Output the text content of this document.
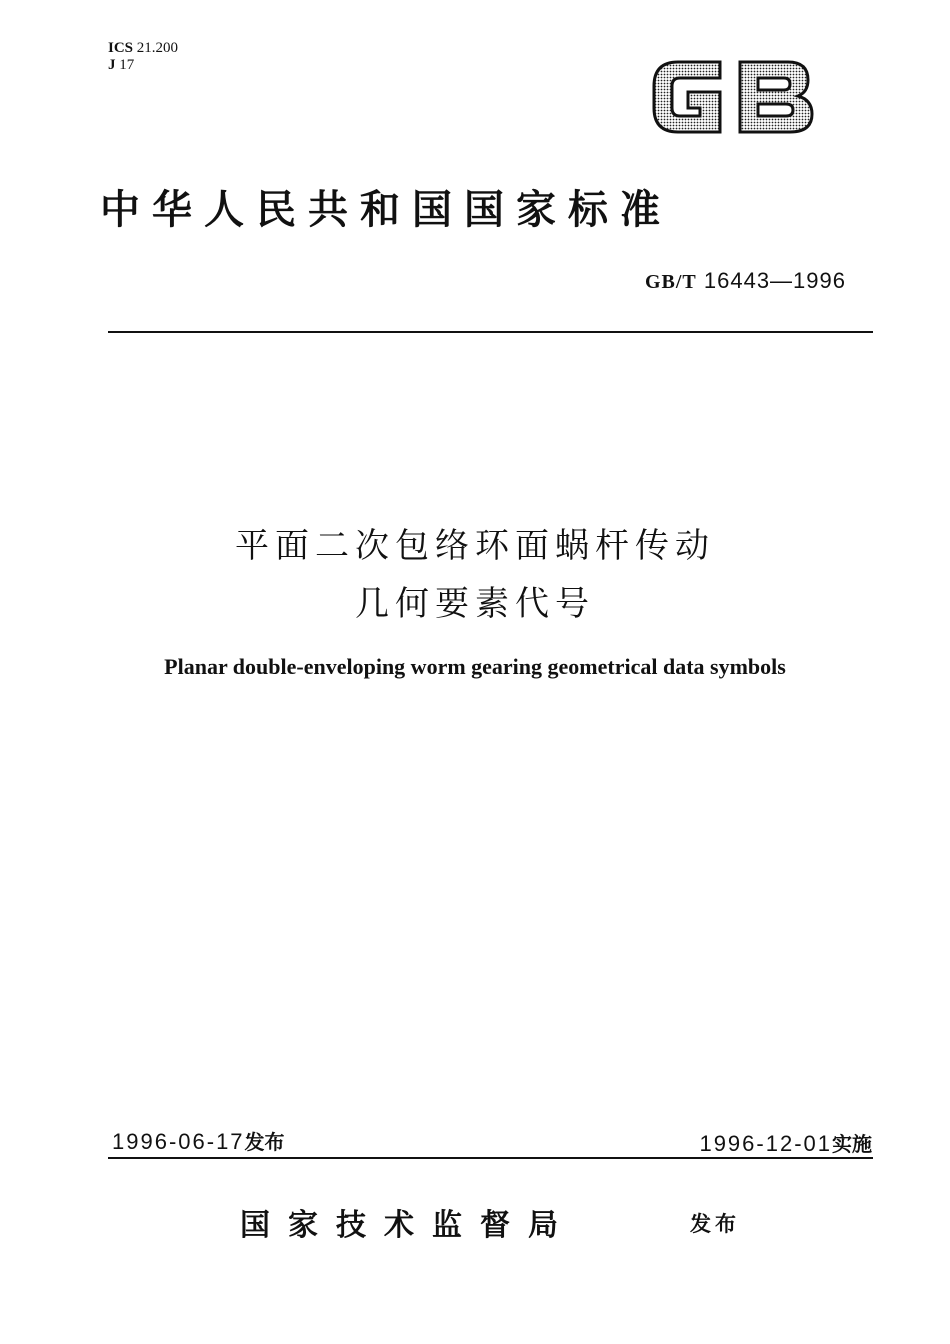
ICS 21.200
J 17
中华人民共和国国家标准
GB/T 16443—1996
平面二次包络环面蜗杆传动
几何要素代号
Planar double-enveloping worm gearing geometrical data symbols
1996-06-17发布	1996-12-01实施
国家技术监督局	发布
